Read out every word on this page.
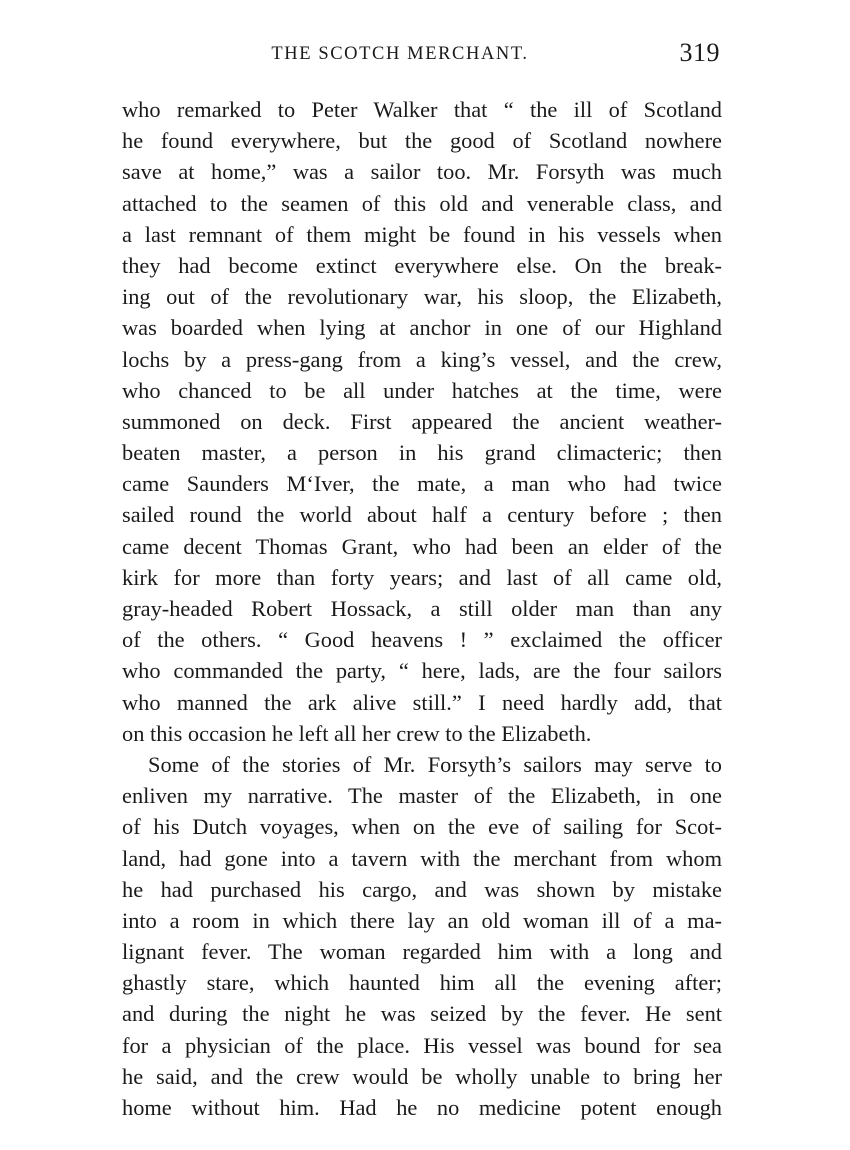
THE SCOTCH MERCHANT.	319
who remarked to Peter Walker that “ the ill of Scotland
he found everywhere, but the good of Scotland nowhere
save at home,” was a sailor too. Mr. Forsyth was much
attached to the seamen of this old and venerable class, and
a last remnant of them might be found in his vessels when
they had become extinct everywhere else. On the break-
ing out of the revolutionary war, his sloop, the Elizabeth,
was boarded when lying at anchor in one of our Highland
lochs by a press-gang from a king’s vessel, and the crew,
who chanced to be all under hatches at the time, were
summoned on deck. First appeared the ancient weather-
beaten master, a person in his grand climacteric; then
came Saunders M‘Iver, the mate, a man who had twice
sailed round the world about half a century before ; then
came decent Thomas Grant, who had been an elder of the
kirk for more than forty years; and last of all came old,
gray-headed Robert Hossack, a still older man than any
of the others. “ Good heavens ! ” exclaimed the officer
who commanded the party, “ here, lads, are the four sailors
who manned the ark alive still.” I need hardly add, that
on this occasion he left all her crew to the Elizabeth.
Some of the stories of Mr. Forsyth’s sailors may serve to
enliven my narrative. The master of the Elizabeth, in one
of his Dutch voyages, when on the eve of sailing for Scot-
land, had gone into a tavern with the merchant from whom
he had purchased his cargo, and was shown by mistake
into a room in which there lay an old woman ill of a ma-
lignant fever. The woman regarded him with a long and
ghastly stare, which haunted him all the evening after;
and during the night he was seized by the fever. He sent
for a physician of the place. His vessel was bound for sea
he said, and the crew would be wholly unable to bring her
home without him. Had he no medicine potent enough
